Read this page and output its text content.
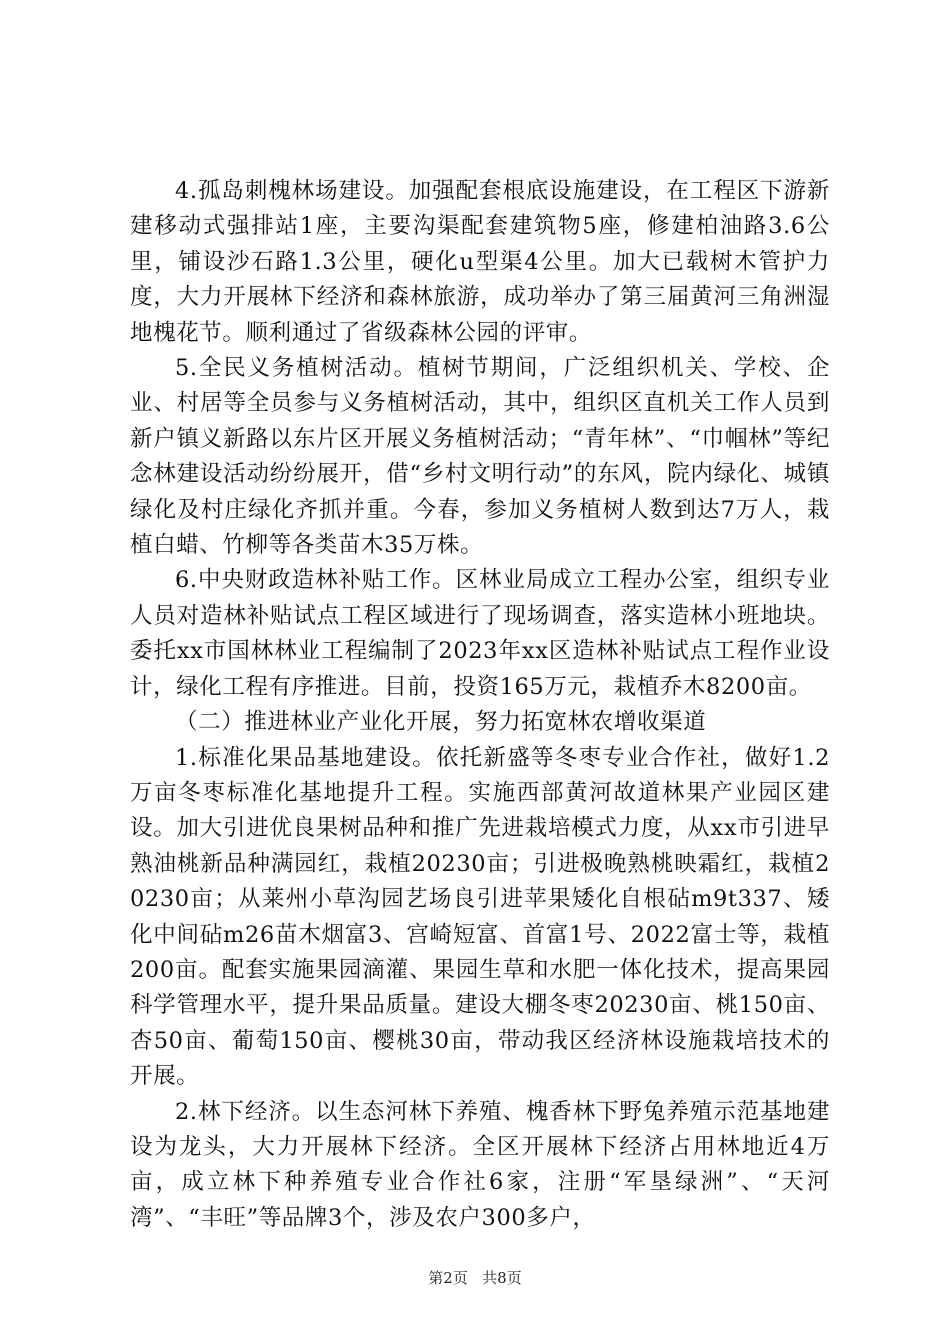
4.孤岛刺槐林场建设。加强配套根底设施建设，在工程区下游新建移动式强排站1座，主要沟渠配套建筑物5座，修建柏油路3.6公里，铺设沙石路1.3公里，硬化u型渠4公里。加大已载树木管护力度，大力开展林下经济和森林旅游，成功举办了第三届黄河三角洲湿地槐花节。顺利通过了省级森林公园的评审。

5.全民义务植树活动。植树节期间，广泛组织机关、学校、企业、村居等全员参与义务植树活动，其中，组织区直机关工作人员到新户镇义新路以东片区开展义务植树活动；“青年林”、“巾帼林”等纪念林建设活动纷纷展开，借“乡村文明行动”的东风，院内绿化、城镇绿化及村庄绿化齐抓并重。今春，参加义务植树人数到达7万人，栽植白蜡、竹柳等各类苗木35万株。

6.中央财政造林补贴工作。区林业局成立工程办公室，组织专业人员对造林补贴试点工程区域进行了现场调查，落实造林小班地块。委托xx市国林林业工程编制了2023年xx区造林补贴试点工程作业设计，绿化工程有序推进。目前，投资165万元，栽植乔木8200亩。

（二）推进林业产业化开展，努力拓宽林农增收渠道

1.标准化果品基地建设。依托新盛等冬枣专业合作社，做好1.2万亩冬枣标准化基地提升工程。实施西部黄河故道林果产业园区建设。加大引进优良果树品种和推广先进栽培模式力度，从xx市引进早熟油桃新品种满园红，栽植20230亩；引进极晚熟桃映霜红，栽植20230亩；从莱州小草沟园艺场良引进苹果矮化自根砧m9t337、矮化中间砧m26苗木烟富3、宫崎短富、首富1号、2022富士等，栽植200亩。配套实施果园滴灌、果园生草和水肥一体化技术，提高果园科学管理水平，提升果品质量。建设大棚冬枣20230亩、桃150亩、杏50亩、葡萄150亩、樱桃30亩，带动我区经济林设施栽培技术的开展。

2.林下经济。以生态河林下养殖、槐香林下野兔养殖示范基地建设为龙头，大力开展林下经济。全区开展林下经济占用林地近4万亩，成立林下种养殖专业合作社6家，注册“军垦绿洲”、“天河湾”、“丰旺”等品牌3个，涉及农户300多户，

第2页 共8页
